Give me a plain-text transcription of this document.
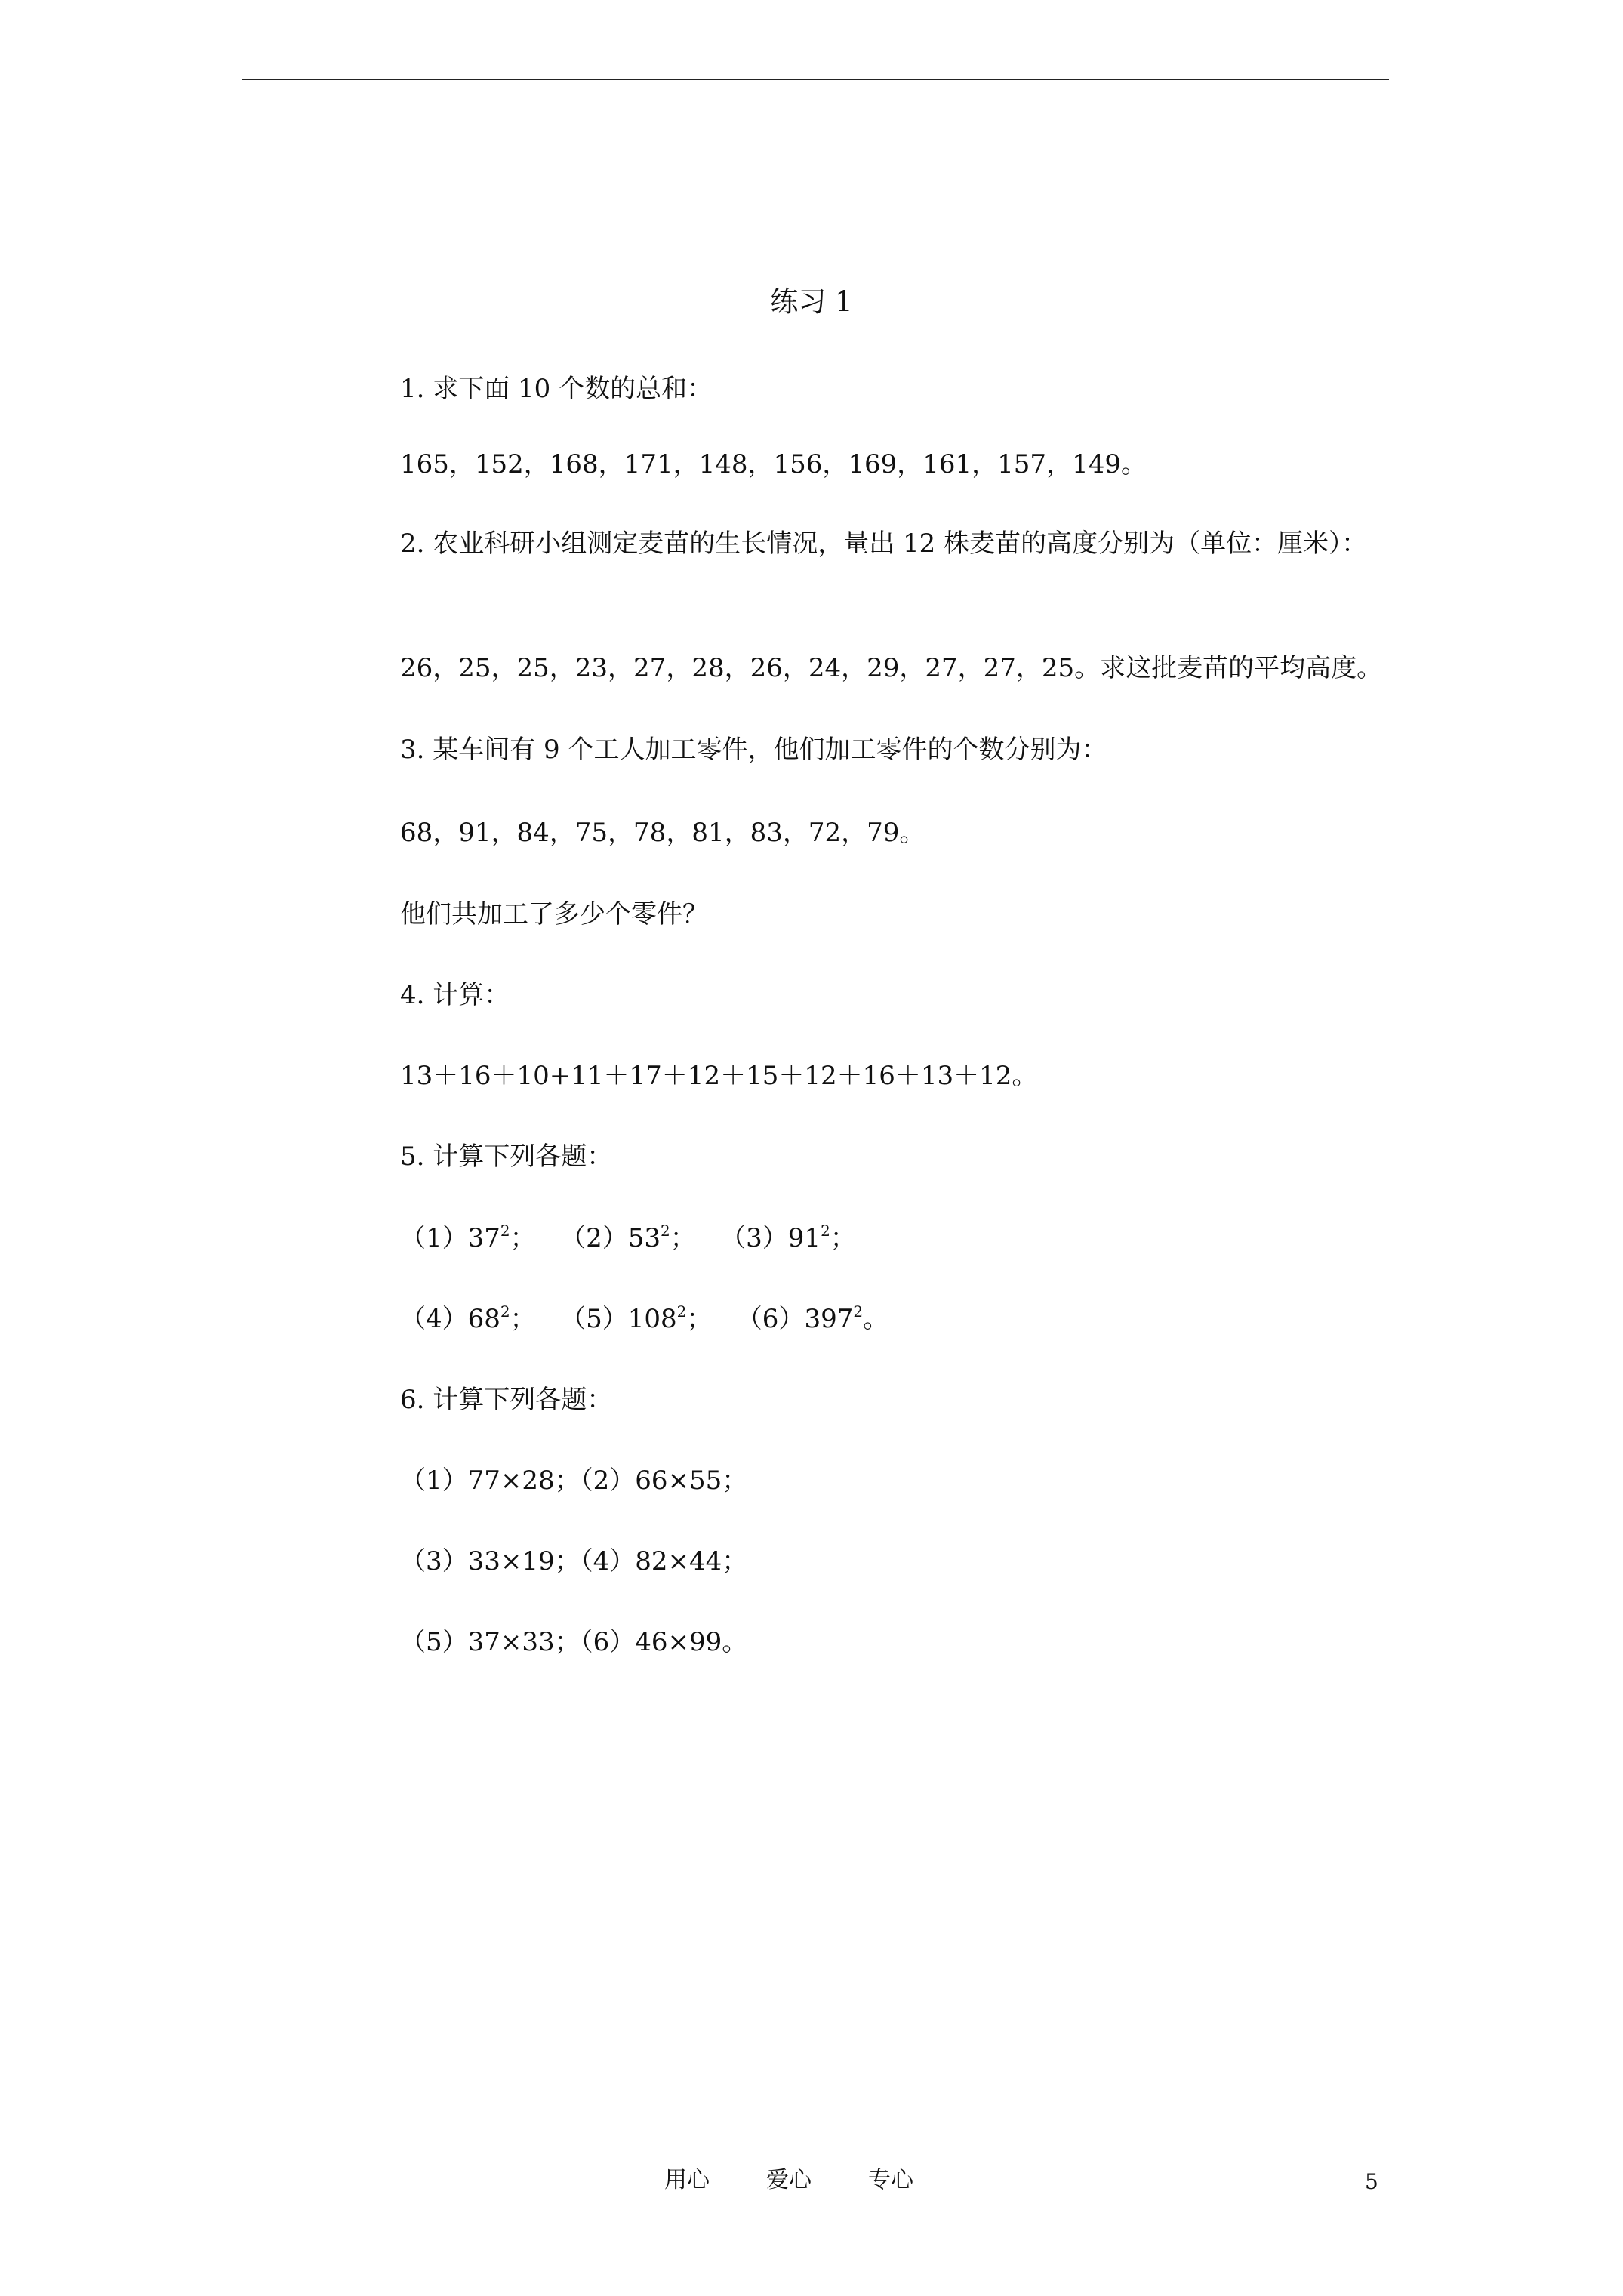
练习 1
1. 求下面 10 个数的总和：
165，152，168，171，148，156，169，161，157，149。
2. 农业科研小组测定麦苗的生长情况，量出 12 株麦苗的高度分别为（单位：厘米）：
26，25，25，23，27，28，26，24，29，27，27，25。求这批麦苗的平均高度。
3. 某车间有 9 个工人加工零件，他们加工零件的个数分别为：
68，91，84，75，78，81，83，72，79。
他们共加工了多少个零件？
4. 计算：
13＋16＋10+11＋17＋12＋15＋12＋16＋13＋12。
5. 计算下列各题：
$(1)37^2$； $(2)53^2$； $(3)91^2$；
$(4)68^2$； $(5)108^2$； $(6)397^2$。
6. 计算下列各题：
（1）77×28；（2）66×55；
（3）33×19；（4）82×44；
（5）37×33；（6）46×99。
用心	爱心	专心	5
